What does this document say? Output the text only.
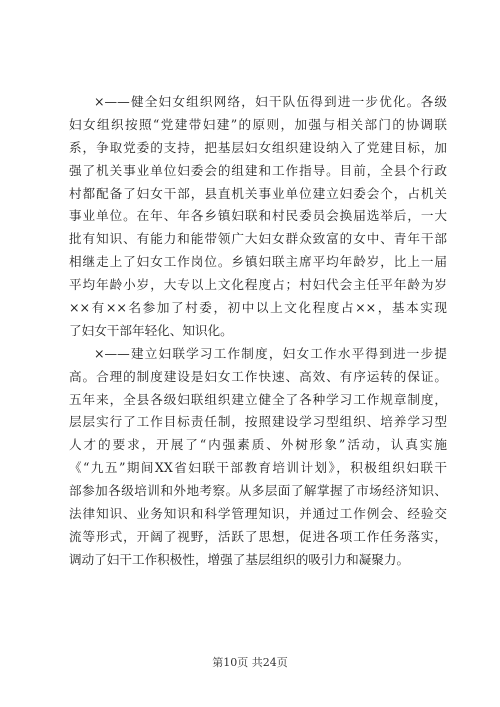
×——健全妇女组织网络，妇干队伍得到进一步优化。各级
妇女组织按照“党建带妇建”的原则，加强与相关部门的协调联
系，争取党委的支持，把基层妇女组织建设纳入了党建目标，加
强了机关事业单位妇委会的组建和工作指导。目前，全县个行政
村都配备了妇女干部，县直机关事业单位建立妇委会个，占机关
事业单位。在年、年各乡镇妇联和村民委员会换届选举后，一大
批有知识、有能力和能带领广大妇女群众致富的女中、青年干部
相继走上了妇女工作岗位。乡镇妇联主席平均年龄岁，比上一届
平均年龄小岁，大专以上文化程度占；村妇代会主任平年龄为岁
××有××名参加了村委，初中以上文化程度占××，基本实现
了妇女干部年轻化、知识化。
×——建立妇联学习工作制度，妇女工作水平得到进一步提
高。合理的制度建设是妇女工作快速、高效、有序运转的保证。
五年来，全县各级妇联组织建立健全了各种学习工作规章制度，
层层实行了工作目标责任制，按照建设学习型组织、培养学习型
人才的要求，开展了“内强素质、外树形象”活动，认真实施
《“九五”期间XX省妇联干部教育培训计划》，积极组织妇联干
部参加各级培训和外地考察。从多层面了解掌握了市场经济知识、
法律知识、业务知识和科学管理知识，并通过工作例会、经验交
流等形式，开阔了视野，活跃了思想，促进各项工作任务落实，
调动了妇干工作积极性，增强了基层组织的吸引力和凝聚力。
第10页 共24页
